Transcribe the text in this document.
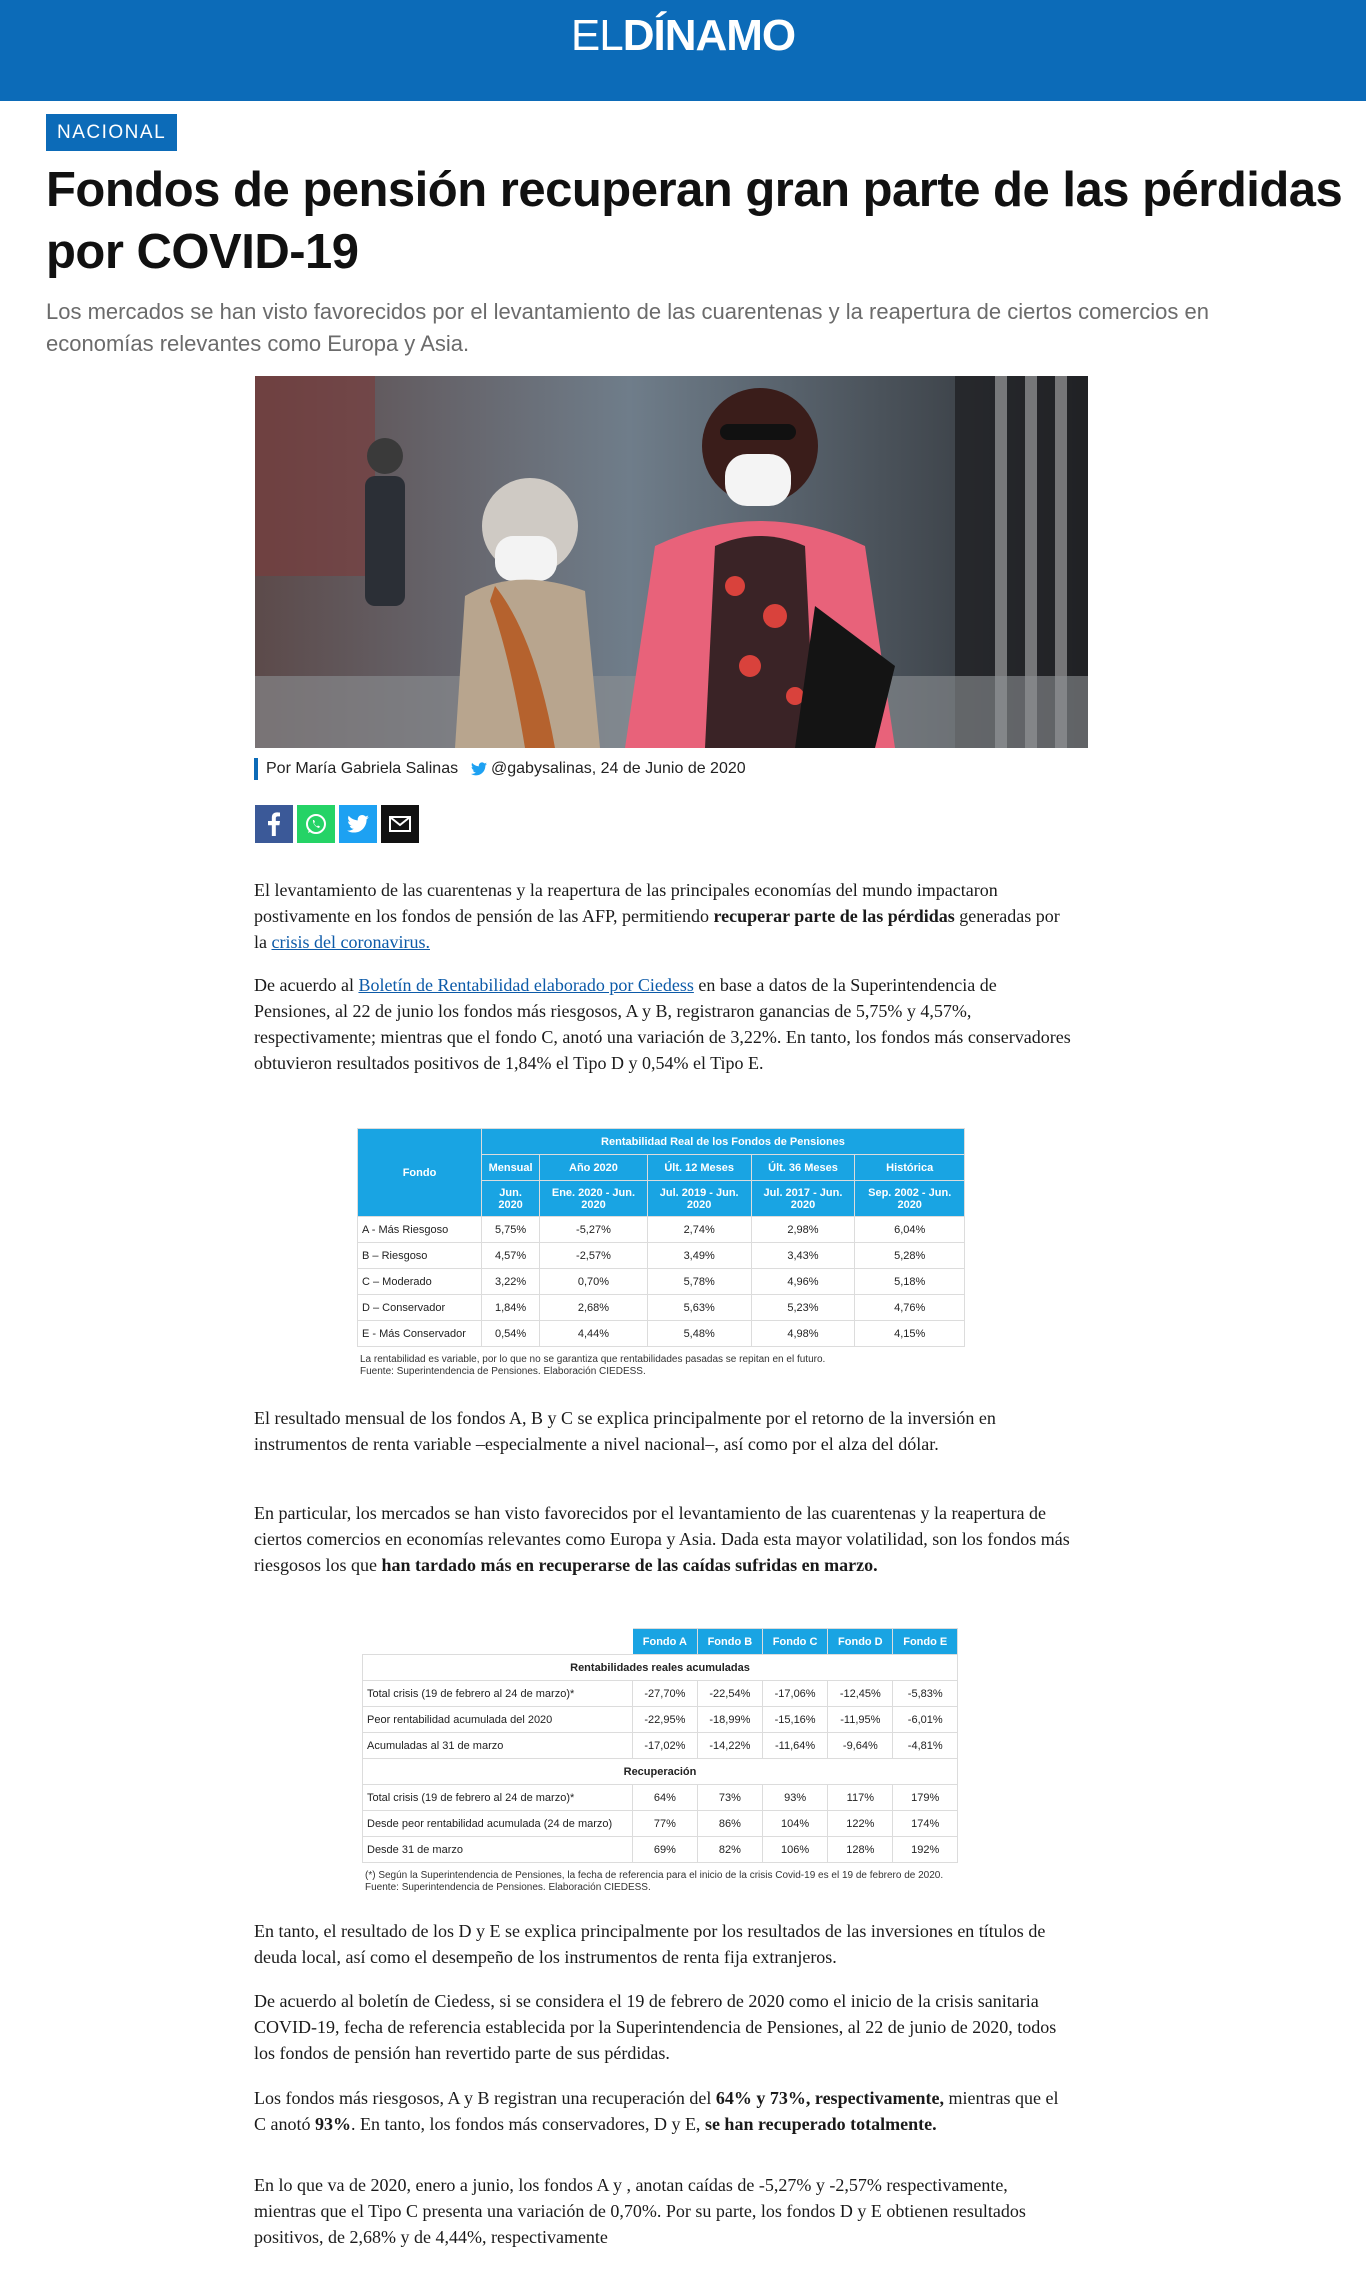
ELDÍNAMO
NACIONAL
Fondos de pensión recuperan gran parte de las pérdidas por COVID-19

Los mercados se han visto favorecidos por el levantamiento de las cuarentenas y la reapertura de ciertos comercios en economías relevantes como Europa y Asia.

Por María Gabriela Salinas @gabysalinas, 24 de Junio de 2020

El levantamiento de las cuarentenas y la reapertura de las principales economías del mundo impactaron postivamente en los fondos de pensión de las AFP, permitiendo recuperar parte de las pérdidas generadas por la crisis del coronavirus.

De acuerdo al Boletín de Rentabilidad elaborado por Ciedess en base a datos de la Superintendencia de Pensiones, al 22 de junio los fondos más riesgosos, A y B, registraron ganancias de 5,75% y 4,57%, respectivamente; mientras que el fondo C, anotó una variación de 3,22%. En tanto, los fondos más conservadores obtuvieron resultados positivos de 1,84% el Tipo D y 0,54% el Tipo E.

Fondo	Rentabilidad Real de los Fondos de Pensiones				
	Mensual	Año 2020	Últ. 12 Meses	Últ. 36 Meses	Histórica
	Jun. 2020	Ene. 2020 - Jun. 2020	Jul. 2019 - Jun. 2020	Jul. 2017 - Jun. 2020	Sep. 2002 - Jun. 2020
A - Más Riesgoso	5,75%	-5,27%	2,74%	2,98%	6,04%
B – Riesgoso	4,57%	-2,57%	3,49%	3,43%	5,28%
C – Moderado	3,22%	0,70%	5,78%	4,96%	5,18%
D – Conservador	1,84%	2,68%	5,63%	5,23%	4,76%
E - Más Conservador	0,54%	4,44%	5,48%	4,98%	4,15%
La rentabilidad es variable, por lo que no se garantiza que rentabilidades pasadas se repitan en el futuro.
Fuente: Superintendencia de Pensiones. Elaboración CIEDESS.

El resultado mensual de los fondos A, B y C se explica principalmente por el retorno de la inversión en instrumentos de renta variable –especialmente a nivel nacional–, así como por el alza del dólar.

En particular, los mercados se han visto favorecidos por el levantamiento de las cuarentenas y la reapertura de ciertos comercios en economías relevantes como Europa y Asia. Dada esta mayor volatilidad, son los fondos más riesgosos los que han tardado más en recuperarse de las caídas sufridas en marzo.

	Fondo A	Fondo B	Fondo C	Fondo D	Fondo E
Rentabilidades reales acumuladas					
Total crisis (19 de febrero al 24 de marzo)*	-27,70%	-22,54%	-17,06%	-12,45%	-5,83%
Peor rentabilidad acumulada del 2020	-22,95%	-18,99%	-15,16%	-11,95%	-6,01%
Acumuladas al 31 de marzo	-17,02%	-14,22%	-11,64%	-9,64%	-4,81%
Recuperación					
Total crisis (19 de febrero al 24 de marzo)*	64%	73%	93%	117%	179%
Desde peor rentabilidad acumulada (24 de marzo)	77%	86%	104%	122%	174%
Desde 31 de marzo	69%	82%	106%	128%	192%
(*) Según la Superintendencia de Pensiones, la fecha de referencia para el inicio de la crisis Covid-19 es el 19 de febrero de 2020.
Fuente: Superintendencia de Pensiones. Elaboración CIEDESS.

En tanto, el resultado de los D y E se explica principalmente por los resultados de las inversiones en títulos de deuda local, así como el desempeño de los instrumentos de renta fija extranjeros.

De acuerdo al boletín de Ciedess, si se considera el 19 de febrero de 2020 como el inicio de la crisis sanitaria COVID-19, fecha de referencia establecida por la Superintendencia de Pensiones, al 22 de junio de 2020, todos los fondos de pensión han revertido parte de sus pérdidas.

Los fondos más riesgosos, A y B registran una recuperación del 64% y 73%, respectivamente, mientras que el C anotó 93%. En tanto, los fondos más conservadores, D y E, se han recuperado totalmente.

En lo que va de 2020, enero a junio, los fondos A y , anotan caídas de -5,27% y -2,57% respectivamente, mientras que el Tipo C presenta una variación de 0,70%. Por su parte, los fondos D y E obtienen resultados positivos, de 2,68% y de 4,44%, respectivamente
